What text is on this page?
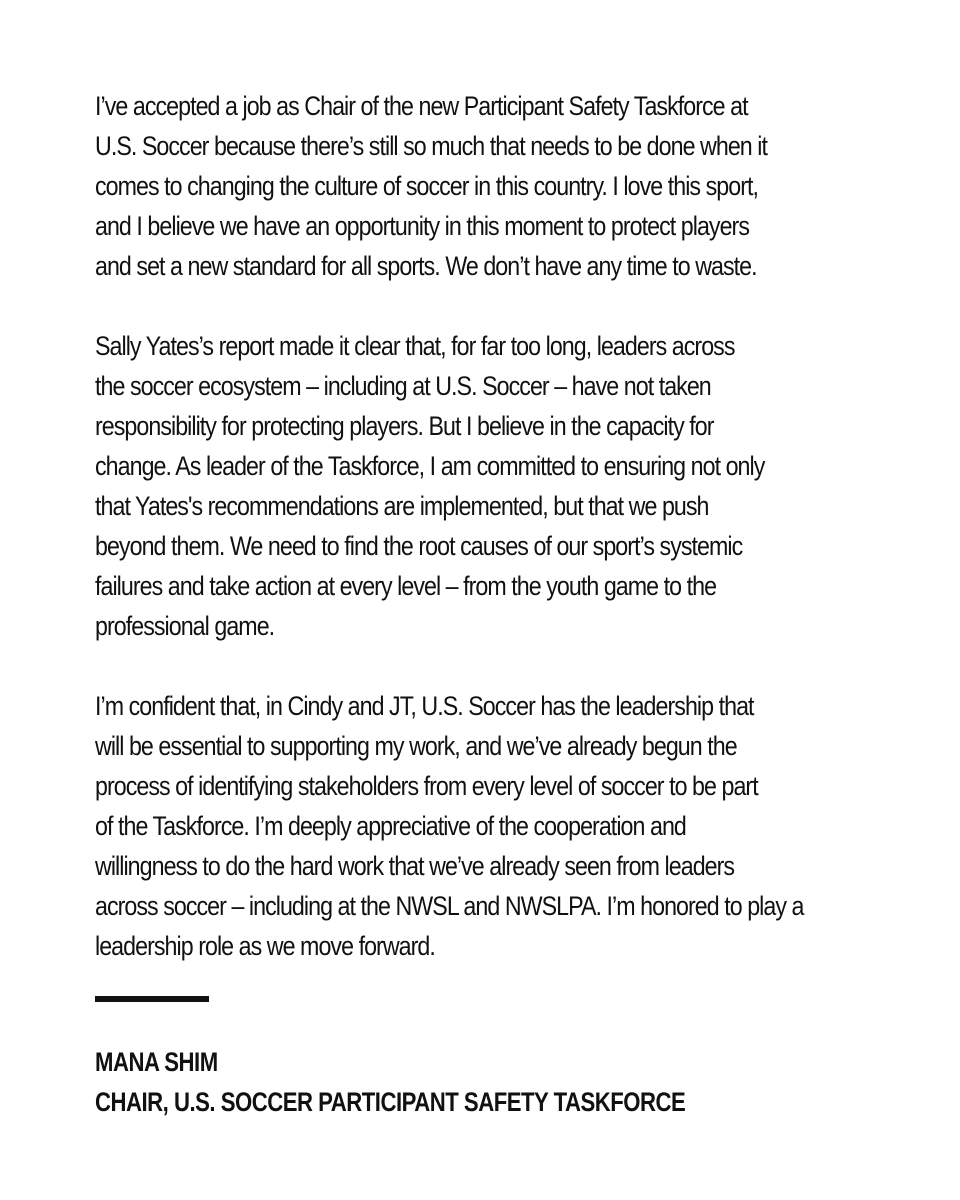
I’ve accepted a job as Chair of the new Participant Safety Taskforce at
U.S. Soccer because there’s still so much that needs to be done when it
comes to changing the culture of soccer in this country. I love this sport,
and I believe we have an opportunity in this moment to protect players
and set a new standard for all sports. We don’t have any time to waste.

Sally Yates’s report made it clear that, for far too long, leaders across
the soccer ecosystem – including at U.S. Soccer – have not taken
responsibility for protecting players. But I believe in the capacity for
change. As leader of the Taskforce, I am committed to ensuring not only
that Yates's recommendations are implemented, but that we push
beyond them. We need to find the root causes of our sport’s systemic
failures and take action at every level – from the youth game to the
professional game.

I’m confident that, in Cindy and JT, U.S. Soccer has the leadership that
will be essential to supporting my work, and we’ve already begun the
process of identifying stakeholders from every level of soccer to be part
of the Taskforce. I’m deeply appreciative of the cooperation and
willingness to do the hard work that we’ve already seen from leaders
across soccer – including at the NWSL and NWSLPA. I’m honored to play a
leadership role as we move forward.

MANA SHIM
CHAIR, U.S. SOCCER PARTICIPANT SAFETY TASKFORCE
